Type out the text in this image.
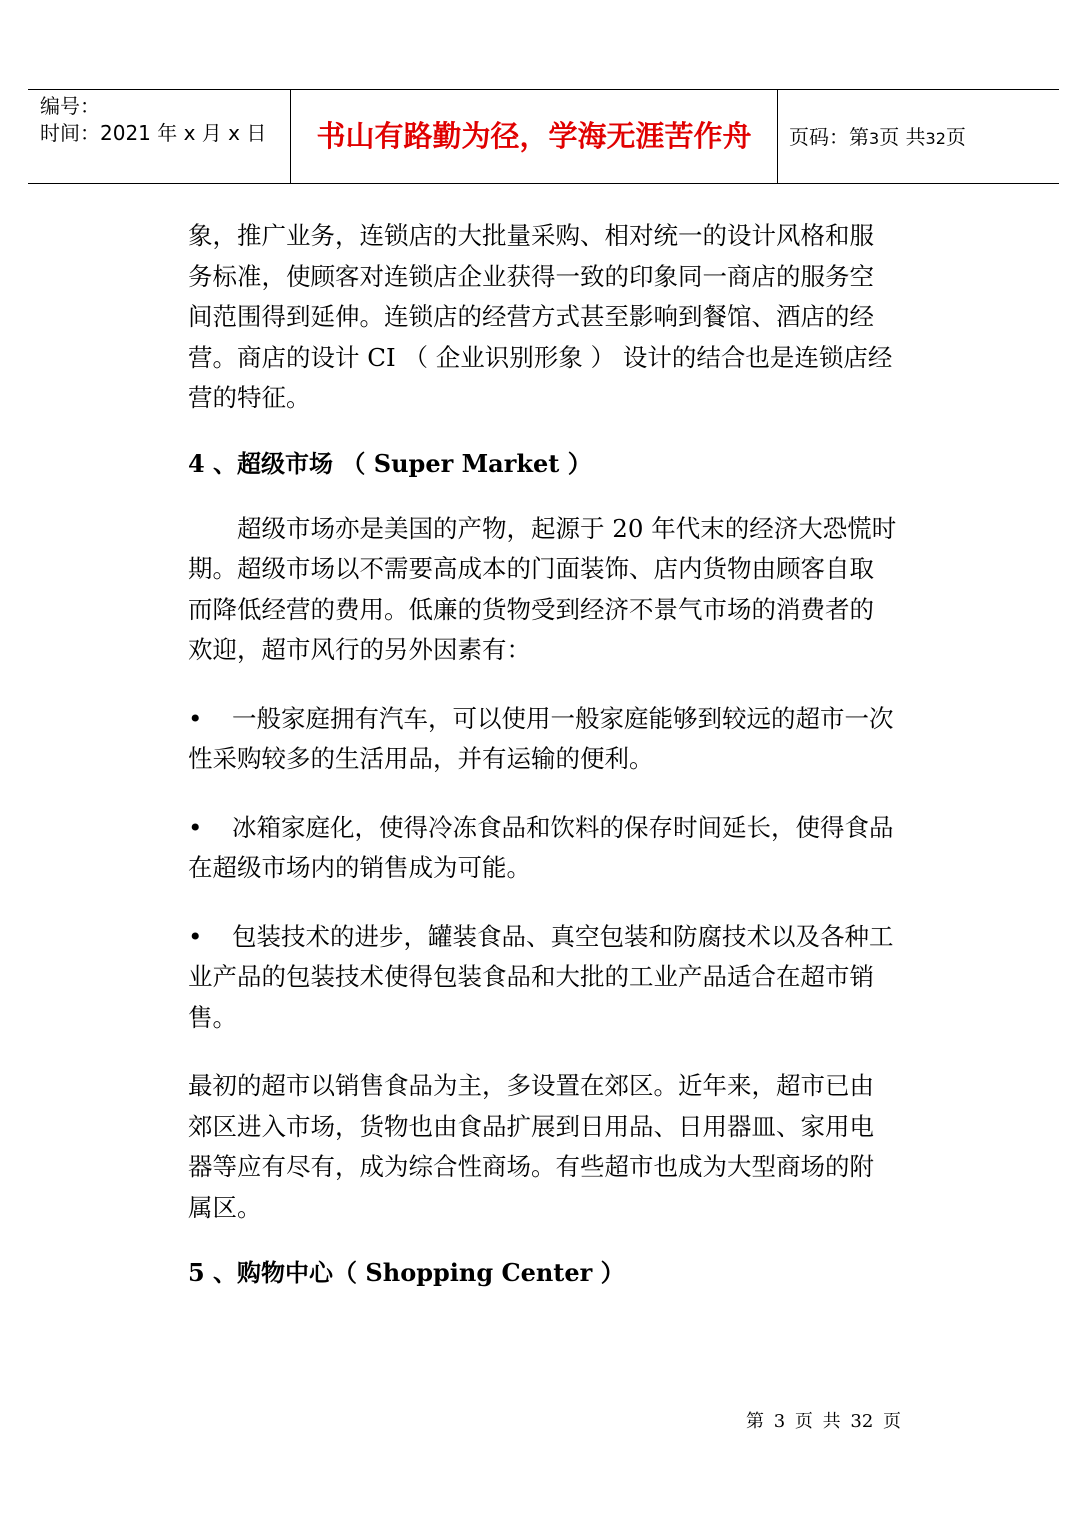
编号：
时间：2021 年 x 月 x 日	书山有路勤为径，学海无涯苦作舟	页码：第3页 共32页
象，推广业务，连锁店的大批量采购、相对统一的设计风格和服
务标准，使顾客对连锁店企业获得一致的印象同一商店的服务空
间范围得到延伸。连锁店的经营方式甚至影响到餐馆、酒店的经
营。商店的设计 CI （ 企业识别形象 ） 设计的结合也是连锁店经
营的特征。
4 、超级市场 （ Super Market ）
超级市场亦是美国的产物，起源于 20 年代末的经济大恐慌时
期。超级市场以不需要高成本的门面装饰、店内货物由顾客自取
而降低经营的费用。低廉的货物受到经济不景气市场的消费者的
欢迎，超市风行的另外因素有：
• 一般家庭拥有汽车，可以使用一般家庭能够到较远的超市一次
性采购较多的生活用品，并有运输的便利。
• 冰箱家庭化，使得冷冻食品和饮料的保存时间延长，使得食品
在超级市场内的销售成为可能。
• 包装技术的进步，罐装食品、真空包装和防腐技术以及各种工
业产品的包装技术使得包装食品和大批的工业产品适合在超市销
售。
最初的超市以销售食品为主，多设置在郊区。近年来，超市已由
郊区进入市场，货物也由食品扩展到日用品、日用器皿、家用电
器等应有尽有，成为综合性商场。有些超市也成为大型商场的附
属区。
5 、购物中心（ Shopping Center ）
第 3 页 共 32 页
